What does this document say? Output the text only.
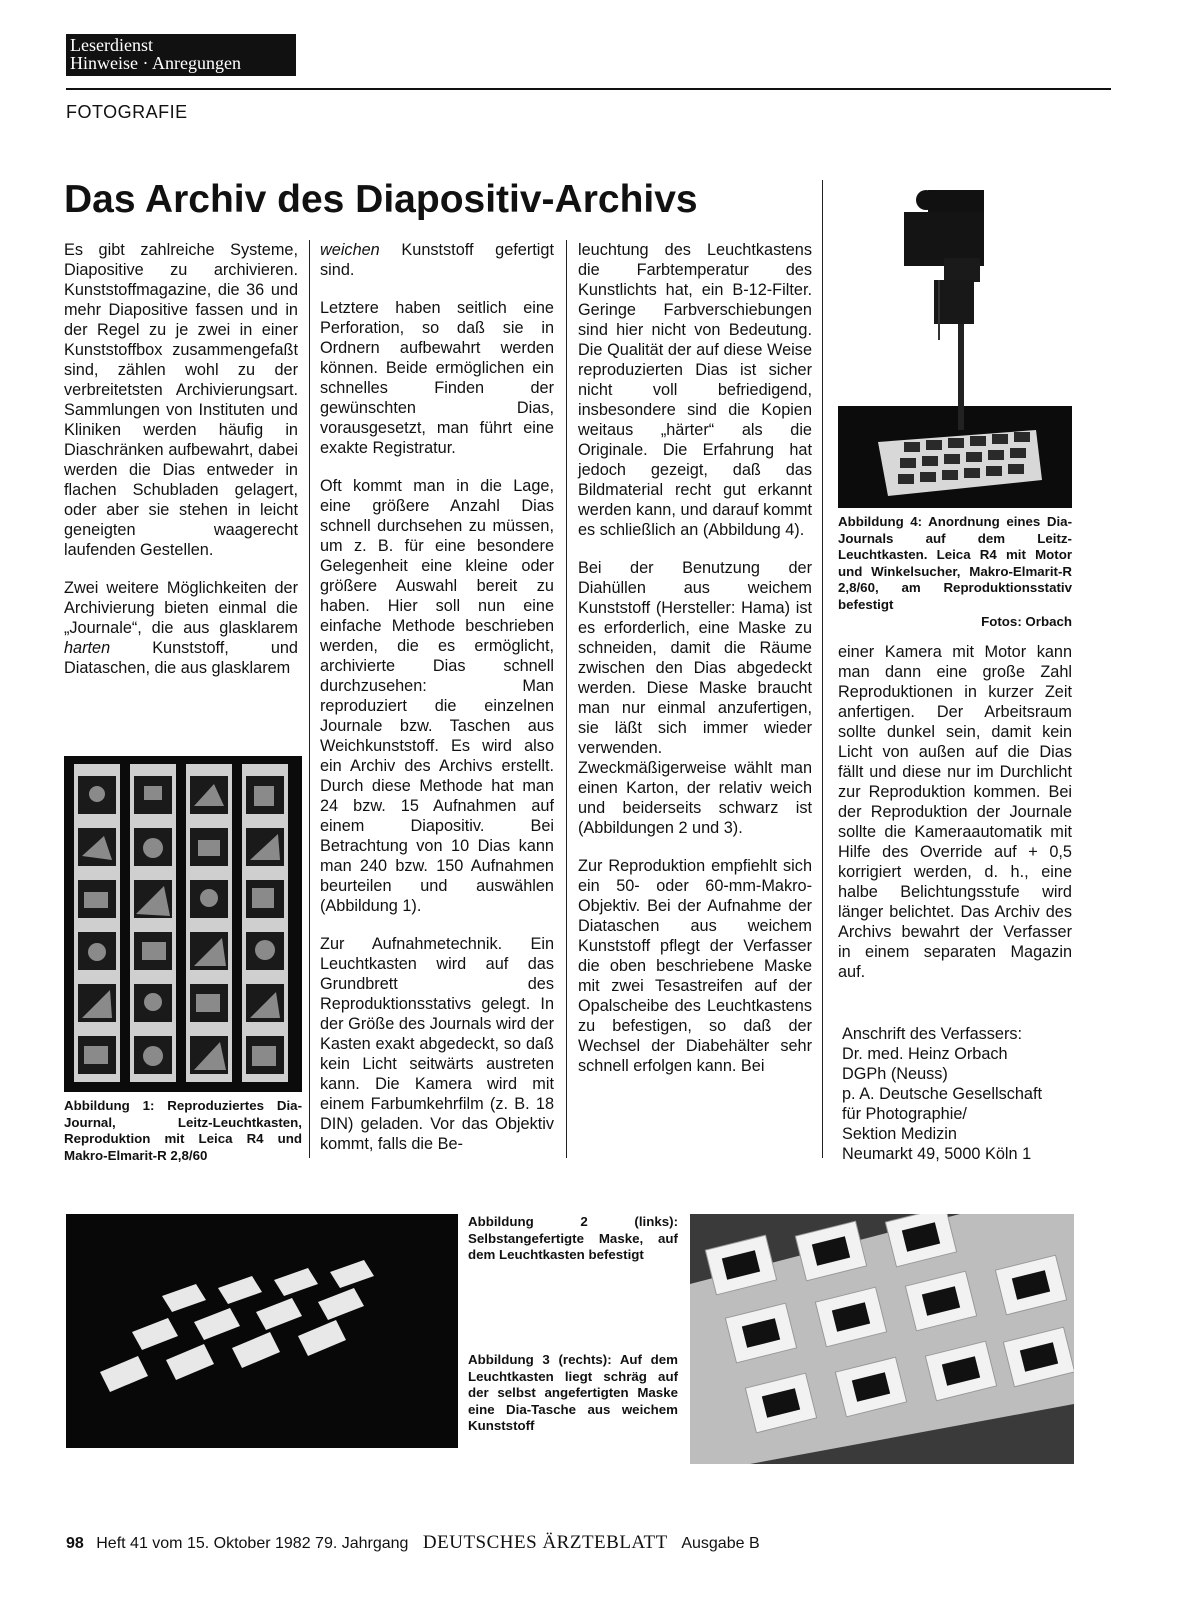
Leserdienst
Hinweise · Anregungen
FOTOGRAFIE
Das Archiv des Diapositiv-Archivs

Es gibt zahlreiche Systeme, Diapositive zu archivieren. Kunststoffmagazine, die 36 und mehr Diapositive fassen und in der Regel zu je zwei in einer Kunststoffbox zusammengefaßt sind, zählen wohl zu der verbreitetsten Archivierungsart. Sammlungen von Instituten und Kliniken werden häufig in Diaschränken aufbewahrt, dabei werden die Dias entweder in flachen Schubladen gelagert, oder aber sie stehen in leicht geneigten waagerecht laufenden Gestellen.

Zwei weitere Möglichkeiten der Archivierung bieten einmal die „Journale“, die aus glasklarem harten	Kunststoff, und Diataschen, die aus glasklarem

Abbildung 1: Reproduziertes Dia-Journal, Leitz-Leuchtkasten, Reproduktion mit Leica R4 und Makro-Elmarit-R 2,8/60

weichen Kunststoff gefertigt sind.

Letztere haben seitlich eine Perforation, so daß sie in Ordnern aufbewahrt werden können. Beide ermöglichen ein schnelles Finden der gewünschten Dias, vorausgesetzt, man führt eine exakte Registratur.

Oft kommt man in die Lage, eine größere Anzahl Dias schnell durchsehen zu müssen, um z. B. für eine besondere Gelegenheit eine kleine oder größere Auswahl bereit zu haben. Hier soll nun eine einfache Methode beschrieben werden, die es ermöglicht, archivierte Dias schnell durchzusehen: Man reproduziert die einzelnen Journale bzw. Taschen aus Weichkunststoff. Es wird also ein Archiv des Archivs erstellt. Durch diese Methode hat man 24 bzw. 15 Aufnahmen auf einem Diapositiv. Bei Betrachtung von 10 Dias kann man 240 bzw. 150 Aufnahmen beurteilen und auswählen (Abbildung 1).

Zur Aufnahmetechnik. Ein Leuchtkasten wird auf das Grundbrett des Reproduktionsstativs gelegt. In der Größe des Journals wird der Kasten exakt abgedeckt, so daß kein Licht seitwärts austreten kann. Die Kamera wird mit einem Farbumkehrfilm (z. B. 18 DIN) geladen. Vor das Objektiv kommt, falls die Be-

leuchtung des Leuchtkastens die Farbtemperatur des Kunstlichts hat, ein B-12-Filter. Geringe Farbverschiebungen sind hier nicht von Bedeutung. Die Qualität der auf diese Weise reproduzierten Dias ist sicher nicht voll befriedigend, insbesondere sind die Kopien weitaus „härter“ als die Originale. Die Erfahrung hat jedoch gezeigt, daß das Bildmaterial recht gut erkannt werden kann, und darauf kommt es schließlich an (Abbildung 4).

Bei der Benutzung der Diahüllen aus weichem Kunststoff (Hersteller: Hama) ist es erforderlich, eine Maske zu schneiden, damit die Räume zwischen den Dias abgedeckt werden. Diese Maske braucht man nur einmal anzufertigen, sie läßt sich immer wieder verwenden. Zweckmäßigerweise wählt man einen Karton, der relativ weich und beiderseits schwarz ist (Abbildungen 2 und 3).

Zur Reproduktion empfiehlt sich ein 50- oder 60-mm-Makro-Objektiv. Bei der Aufnahme der Diataschen aus weichem Kunststoff pflegt der Verfasser die oben beschriebene Maske mit zwei Tesastreifen auf der Opalscheibe des Leuchtkastens zu befestigen, so daß der Wechsel der Diabehälter sehr schnell erfolgen kann. Bei

Abbildung 4: Anordnung eines Dia-Journals auf dem Leitz-Leuchtkasten. Leica R4 mit Motor und Winkelsucher, Makro-Elmarit-R 2,8/60, am Reproduktionsstativ befestigt
Fotos: Orbach

einer Kamera mit Motor kann man dann eine große Zahl Reproduktionen in kurzer Zeit anfertigen. Der Arbeitsraum sollte dunkel sein, damit kein Licht von außen auf die Dias fällt und diese nur im Durchlicht zur Reproduktion kommen. Bei der Reproduktion der Journale sollte die Kameraautomatik mit Hilfe des Override auf + 0,5 korrigiert werden, d. h., eine halbe Belichtungsstufe wird länger belichtet. Das Archiv des Archivs bewahrt der Verfasser in einem separaten Magazin auf.

Anschrift des Verfassers:
Dr. med. Heinz Orbach
DGPh (Neuss)
p. A. Deutsche Gesellschaft
für Photographie/
Sektion Medizin
Neumarkt 49, 5000 Köln 1
Abbildung 2 (links): Selbstangefertigte Maske, auf dem Leuchtkasten befestigt
Abbildung 3 (rechts): Auf dem Leuchtkasten liegt schräg auf der selbst angefertigten Maske eine Dia-Tasche aus weichem Kunststoff
98 Heft 41 vom 15. Oktober 1982 79. Jahrgang DEUTSCHES ÄRZTEBLATT Ausgabe B
